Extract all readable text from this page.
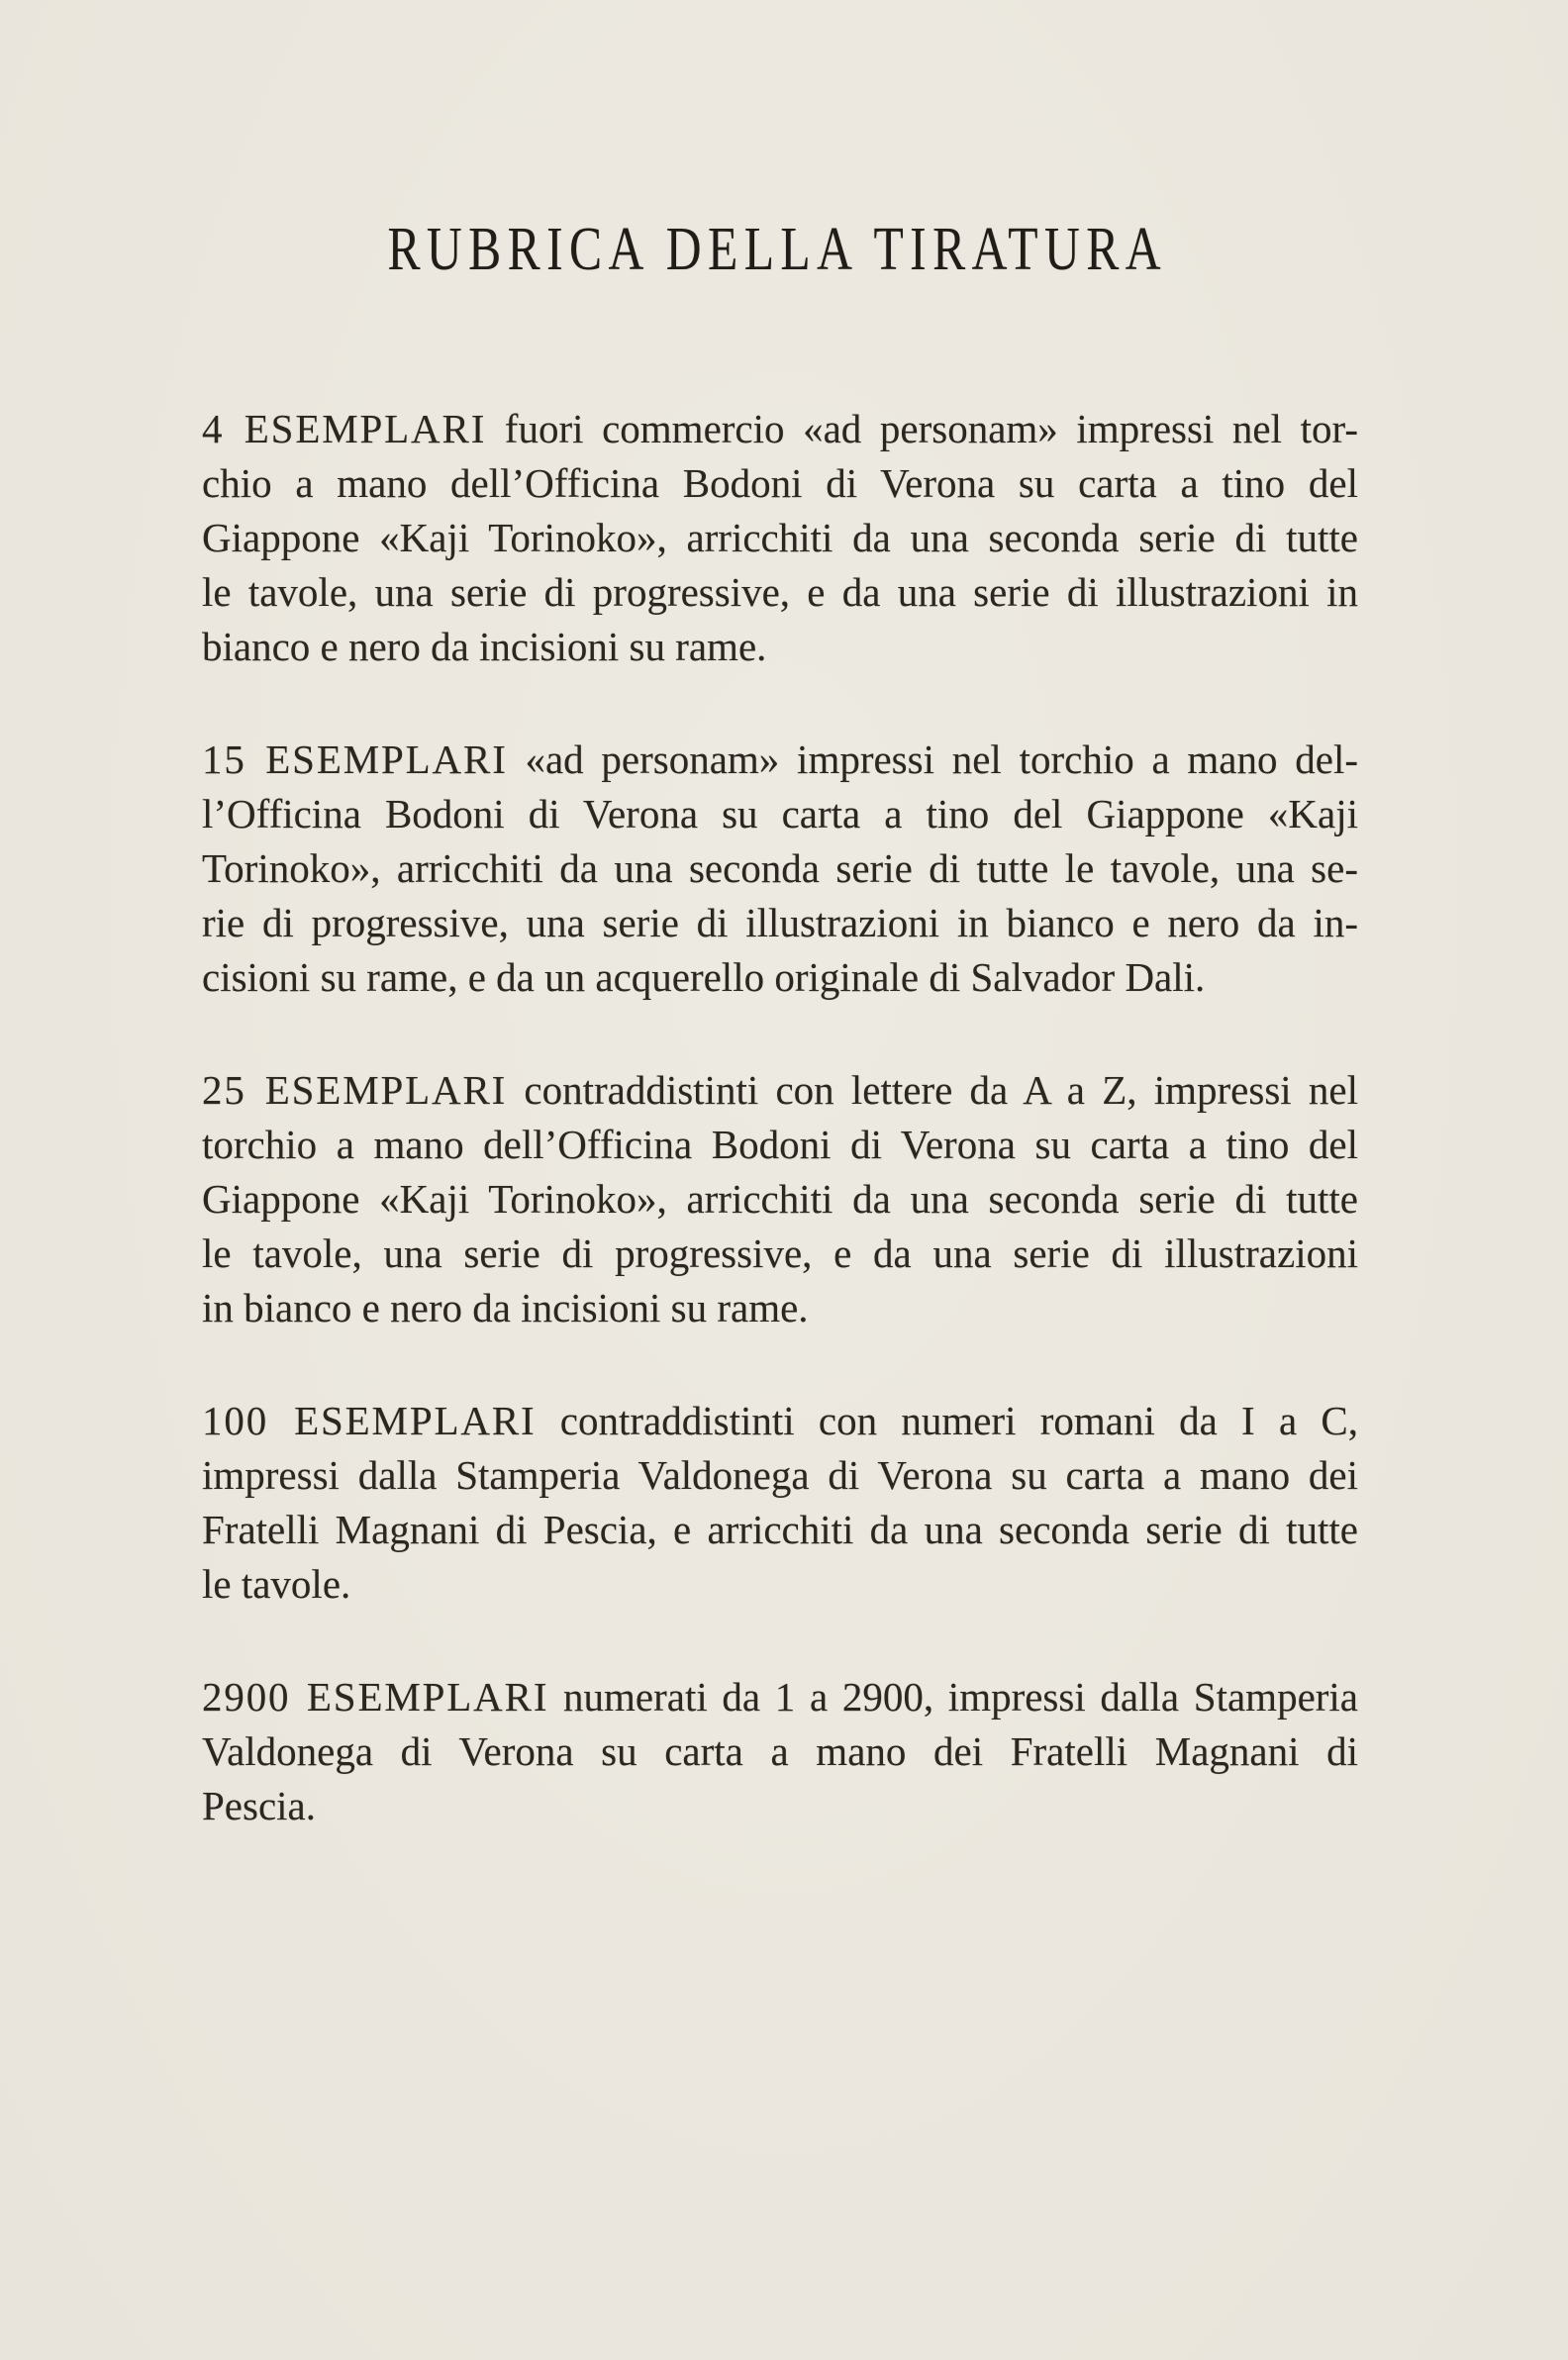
RUBRICA DELLA TIRATURA
4 ESEMPLARI fuori commercio «ad personam» impressi nel tor-
chio a mano dell’Officina Bodoni di Verona su carta a tino del
Giappone «Kaji Torinoko», arricchiti da una seconda serie di tutte
le tavole, una serie di progressive, e da una serie di illustrazioni in
bianco e nero da incisioni su rame.
15 ESEMPLARI «ad personam» impressi nel torchio a mano del-
l’Officina Bodoni di Verona su carta a tino del Giappone «Kaji
Torinoko», arricchiti da una seconda serie di tutte le tavole, una se-
rie di progressive, una serie di illustrazioni in bianco e nero da in-
cisioni su rame, e da un acquerello originale di Salvador Dali.
25 ESEMPLARI contraddistinti con lettere da A a Z, impressi nel
torchio a mano dell’Officina Bodoni di Verona su carta a tino del
Giappone «Kaji Torinoko», arricchiti da una seconda serie di tutte
le tavole, una serie di progressive, e da una serie di illustrazioni
in bianco e nero da incisioni su rame.
100 ESEMPLARI contraddistinti con numeri romani da I a C,
impressi dalla Stamperia Valdonega di Verona su carta a mano dei
Fratelli Magnani di Pescia, e arricchiti da una seconda serie di tutte
le tavole.
2900 ESEMPLARI numerati da 1 a 2900, impressi dalla Stamperia
Valdonega di Verona su carta a mano dei Fratelli Magnani di
Pescia.
